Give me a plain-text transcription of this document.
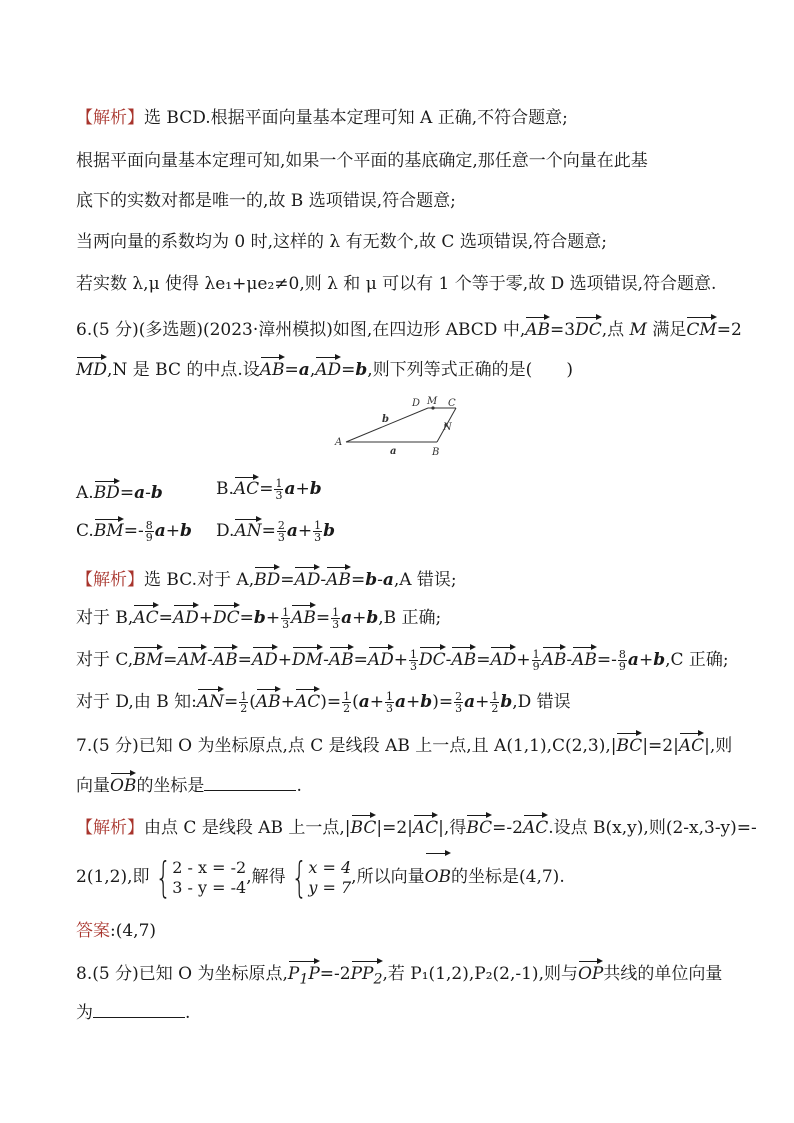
【解析】选 BCD.根据平面向量基本定理可知 A 正确,不符合题意;
根据平面向量基本定理可知,如果一个平面的基底确定,那任意一个向量在此基
底下的实数对都是唯一的,故 B 选项错误,符合题意;
当两向量的系数均为 0 时,这样的 λ 有无数个,故 C 选项错误,符合题意;
若实数 λ,μ 使得 λe₁+μe₂≠0,则 λ 和 μ 可以有 1 个等于零,故 D 选项错误,符合题意.
6.(5 分)(多选题)(2023·漳州模拟)如图,在四边形 ABCD 中,AB=3DC,点 M 满足CM=2
MD,N 是 BC 的中点.设AB=a,AD=b,则下列等式正确的是(　　)
A
B
C
D M
N
a
b
A.BD=a-b	$B.AC= \frac{1}{3} a+b$
$C.BM=- \frac{8}{9} a+b$ $D.AN= \frac{2}{3} a+ \frac{1}{3}$ b
【解析】选 BC.对于 A,BD=AD-AB=b-a,A 错误;
对于 $B,AC=AD+DC=b+ \frac{1}{3} AB= \frac{1}{3} a+b,B$ 正确;
对于 $C,BM=AM-AB=AD+DM-AB=AD+ \frac{1}{3} DC-AB=AD+ \frac{1}{9} AB-AB=- \frac{8}{9} a+b,C$ 正确;
对于 D,由 B 知:AN= $\frac{1}{2} (AB+AC)= \frac{1}{2} (a+ \frac{1}{3} a+b)= \frac{2}{3} a+ \frac{1}{2} b,D$ 错误
7.(5 分)已知 O 为坐标原点,点 C 是线段 AB 上一点,且 A(1,1),C(2,3),|BC|=2|AC|,则
向量OB的坐标是	.
【解析】由点 C 是线段 AB 上一点,|BC|=2|AC|,得BC=-2AC.设点 B(x,y),则(2-x,3-y)=-
2(1,2),即 { 2 - x = -2
3 - y = -4 ,解得 { x = 4
y = 7 ,所以向量OB的坐标是(4,7).
答案:(4,7)
8.(5 分)已知 O 为坐标原点$,P_1P=-2PP_2$,若 P₁(1,2),P₂(2,-1),则与OP共线的单位向量
为	.
